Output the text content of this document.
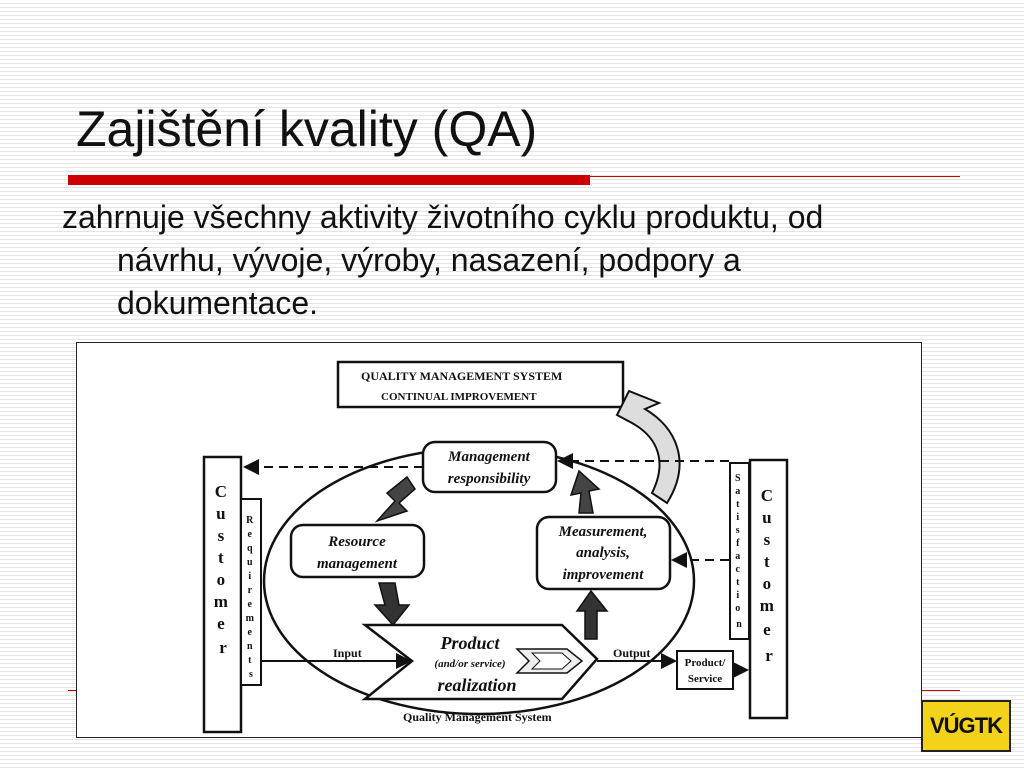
Zajištění kvality (QA)
zahrnuje všechny aktivity životního cyklu produktu, od návrhu, vývoje, výroby, nasazení, podpory a dokumentace.
QUALITY MANAGEMENT SYSTEM
CONTINUAL IMPROVEMENT
C u s t o m e r
R e q u i r e m e n t s
C u s t o m e r
S a t i s f a c t i o n
Management
responsibility
Resource
management
Measurement,
analysis,
improvement
Product
(and/or service)
realization
Input	Output
Product/
Service
Quality Management System	VÚGTK
